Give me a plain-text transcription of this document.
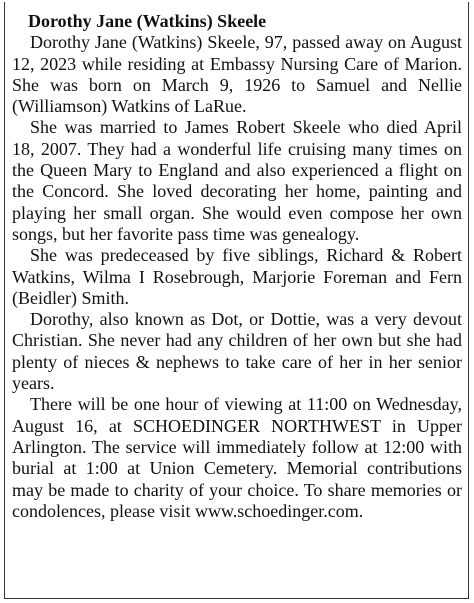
Dorothy Jane (Watkins) Skeele

Dorothy Jane (Watkins) Skeele, 97, passed away on August 12, 2023 while residing at Embassy Nursing Care of Marion. She was born on March 9, 1926 to Samuel and Nellie (Williamson) Watkins of LaRue.

She was married to James Robert Skeele who died April 18, 2007. They had a wonderful life cruising many times on the Queen Mary to England and also experienced a flight on the Concord. She loved decorating her home, painting and playing her small organ. She would even compose her own songs, but her favorite pass time was genealogy.

She was predeceased by five siblings, Richard & Robert Watkins, Wilma I Rosebrough, Marjorie Foreman and Fern (Beidler) Smith.

Dorothy, also known as Dot, or Dottie, was a very devout Christian. She never had any children of her own but she had plenty of nieces & nephews to take care of her in her senior years.

There will be one hour of viewing at 11:00 on Wednesday, August 16, at SCHOEDINGER NORTHWEST in Upper Arlington. The service will immediately follow at 12:00 with burial at 1:00 at Union Cemetery. Memorial contributions may be made to charity of your choice. To share memories or condolences, please visit www.schoedinger.com.
